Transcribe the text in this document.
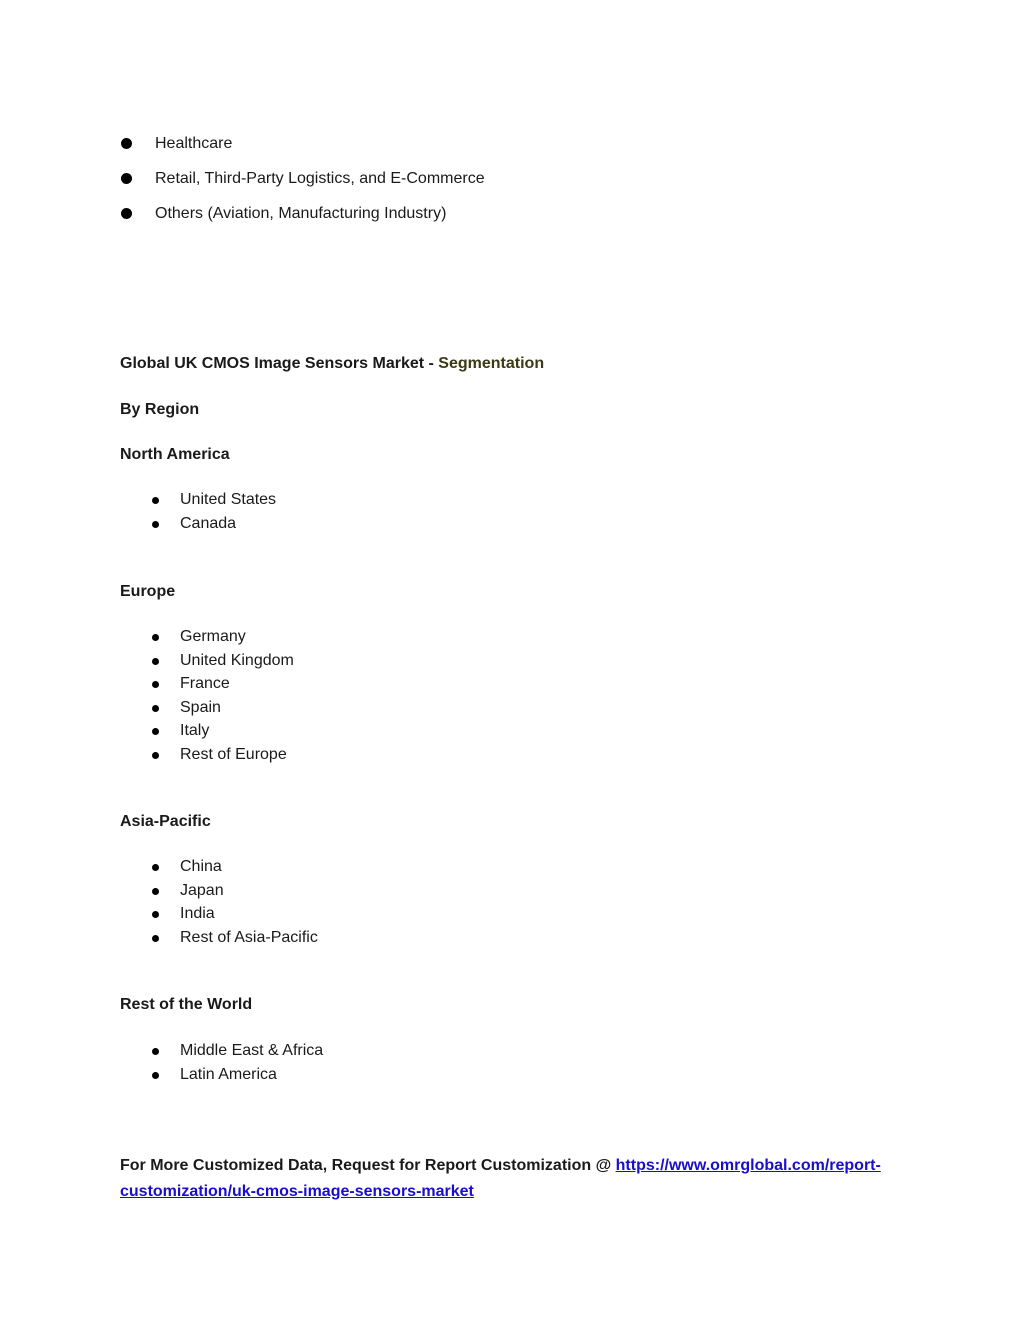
Healthcare
Retail, Third-Party Logistics, and E-Commerce
Others (Aviation, Manufacturing Industry)
Global UK CMOS Image Sensors Market - Segmentation
By Region
North America
United States
Canada
Europe
Germany
United Kingdom
France
Spain
Italy
Rest of Europe
Asia-Pacific
China
Japan
India
Rest of Asia-Pacific
Rest of the World
Middle East & Africa
Latin America
For More Customized Data, Request for Report Customization @ https://www.omrglobal.com/report-customization/uk-cmos-image-sensors-market
